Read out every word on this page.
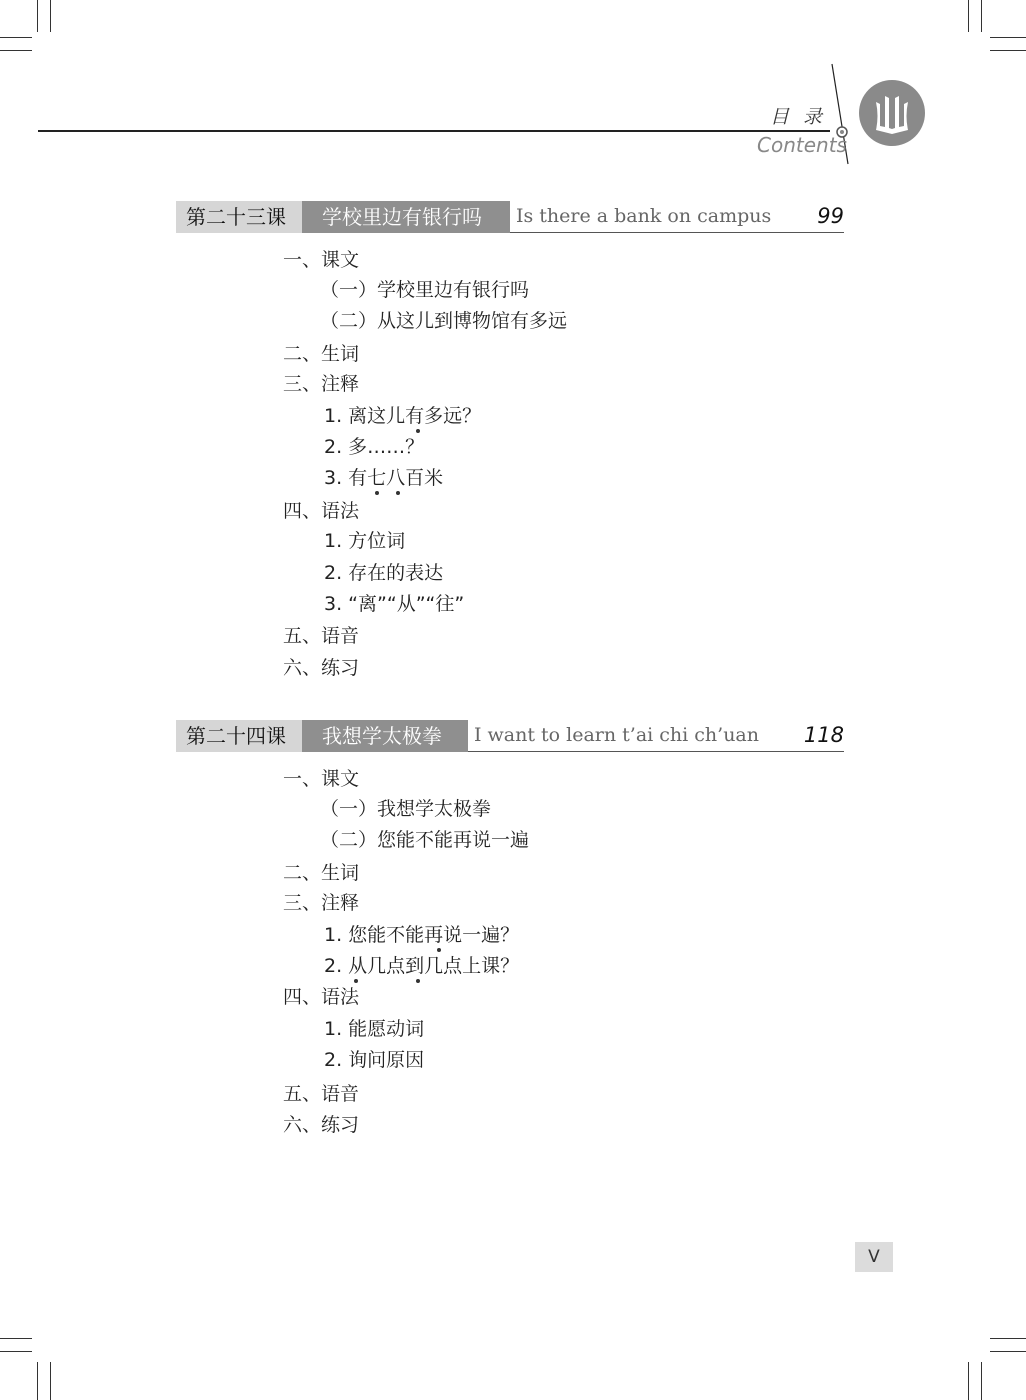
目录
Contents
第二十三课	学校里边有银行吗	Is there a bank on campus 99
一、课文
（一）学校里边有银行吗
（二）从这儿到博物馆有多远
二、生词
三、注释
1. 离这儿有多远？
2. 多……？
3. 有七八百米
四、语法
1. 方位词
2. 存在的表达
3. “离”“从”“往”
五、语音
六、练习
第二十四课	我想学太极拳	I want to learn t’ai chi ch’uan 118
一、课文
（一）我想学太极拳
（二）您能不能再说一遍
二、生词
三、注释
1. 您能不能再说一遍？
2. 从几点到几点上课？
四、语法
1. 能愿动词
2. 询问原因
五、语音
六、练习
V
